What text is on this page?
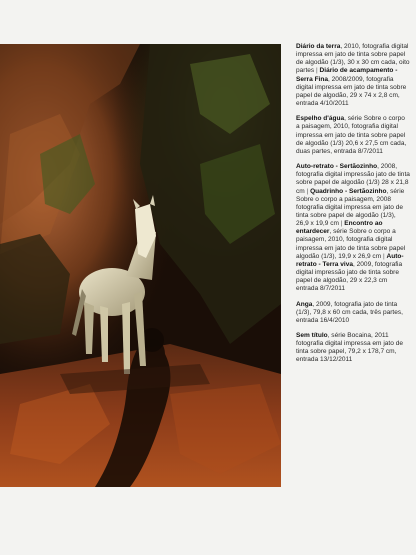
Diário da terra, 2010, fotografia digital impressa em jato de tinta sobre papel de algodão (1/3), 30 x 30 cm cada, oito partes | Diário de acampamento - Serra Fina, 2008/2009, fotografia digital impressa em jato de tinta sobre papel de algodão, 29 x 74 x 2,8 cm, entrada 4/10/2011

Espelho d'água, série Sobre o corpo a paisagem, 2010, fotografia digital impressa em jato de tinta sobre papel de algodão (1/3) 20,6 x 27,5 cm cada, duas partes, entrada 8/7/2011

Auto-retrato - Sertãozinho, 2008, fotografia digital impressão jato de tinta sobre papel de algodão (1/3) 28 x 21,8 cm | Quadrinho - Sertãozinho, série Sobre o corpo a paisagem, 2008 fotografia digital impressa em jato de tinta sobre papel de algodão (1/3), 26,9 x 19,9 cm | Encontro ao entardecer, série Sobre o corpo a paisagem, 2010, fotografia digital impressa em jato de tinta sobre papel algodão (1/3), 19,9 x 26,9 cm | Auto-retrato - Terra viva, 2009, fotografia digital impressão jato de tinta sobre papel de algodão, 29 x 22,3 cm entrada 8/7/2011

Anga, 2009, fotografia jato de tinta (1/3), 79,8 x 60 cm cada, três partes, entrada 16/4/2010

Sem título, série Bocaina, 2011 fotografia digital impressa em jato de tinta sobre papel, 79,2 x 178,7 cm, entrada 13/12/2011
